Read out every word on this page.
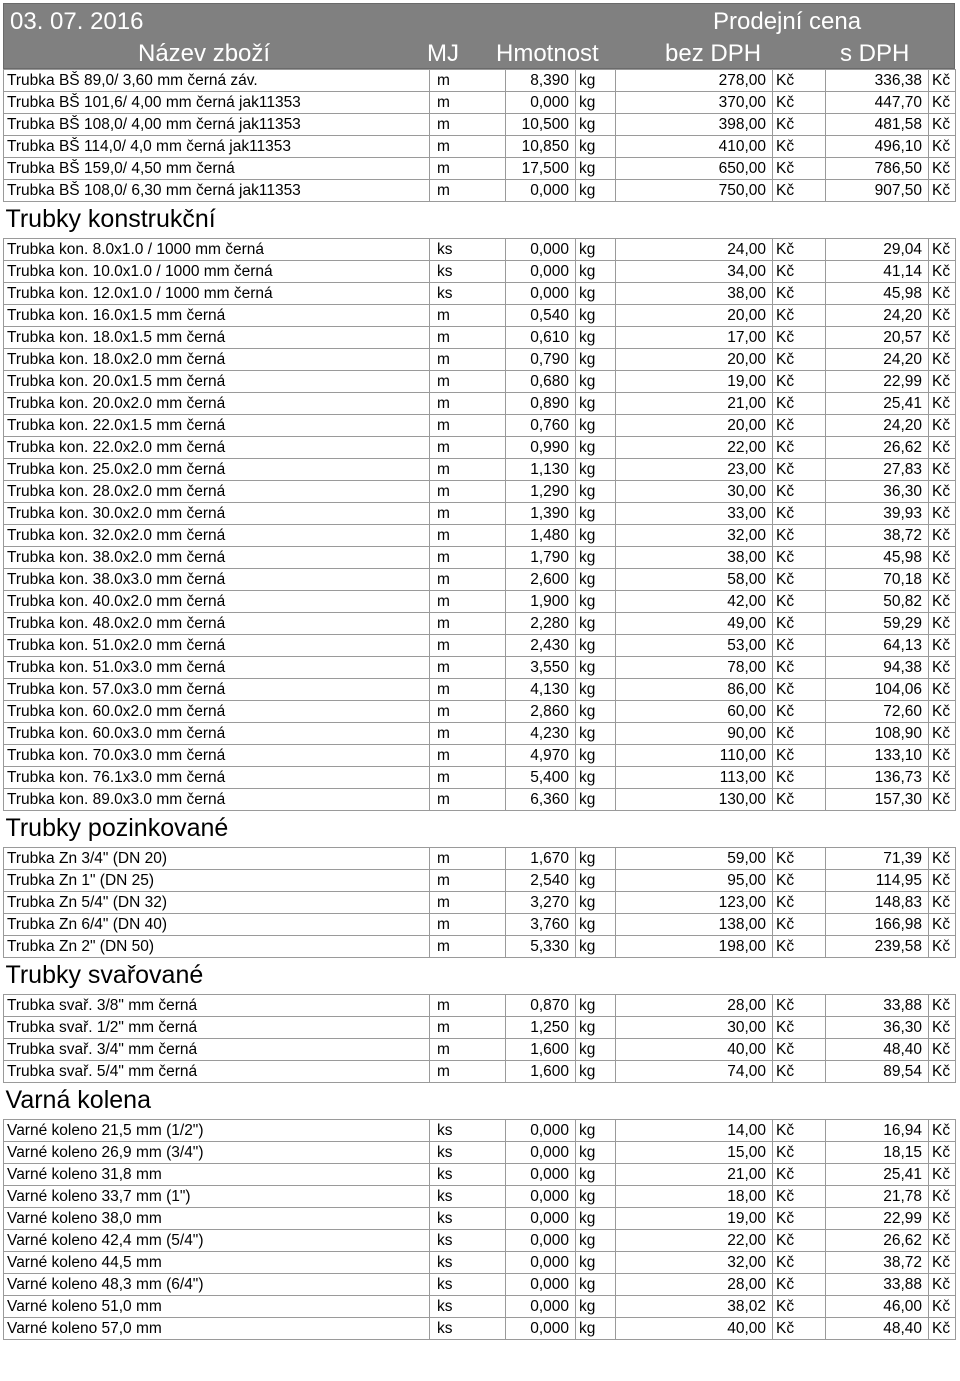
03. 07. 2016	Prodejní cena
Název zboží	MJ Hmotnost	bez DPH	s DPH
Trubka BŠ 89,0/ 3,60 mm černá záv.	m	8,390	kg	278,00	Kč	336,38	Kč
Trubka BŠ 101,6/ 4,00 mm černá jak11353	m	0,000	kg	370,00	Kč	447,70	Kč
Trubka BŠ 108,0/ 4,00 mm černá jak11353	m	10,500	kg	398,00	Kč	481,58	Kč
Trubka BŠ 114,0/ 4,0 mm černá jak11353	m	10,850	kg	410,00	Kč	496,10	Kč
Trubka BŠ 159,0/ 4,50 mm černá	m	17,500	kg	650,00	Kč	786,50	Kč
Trubka BŠ 108,0/ 6,30 mm černá jak11353	m	0,000	kg	750,00	Kč	907,50	Kč
Trubky konstrukční							
Trubka kon. 8.0x1.0 / 1000 mm černá	ks	0,000	kg	24,00	Kč	29,04	Kč
Trubka kon. 10.0x1.0 / 1000 mm černá	ks	0,000	kg	34,00	Kč	41,14	Kč
Trubka kon. 12.0x1.0 / 1000 mm černá	ks	0,000	kg	38,00	Kč	45,98	Kč
Trubka kon. 16.0x1.5 mm černá	m	0,540	kg	20,00	Kč	24,20	Kč
Trubka kon. 18.0x1.5 mm černá	m	0,610	kg	17,00	Kč	20,57	Kč
Trubka kon. 18.0x2.0 mm černá	m	0,790	kg	20,00	Kč	24,20	Kč
Trubka kon. 20.0x1.5 mm černá	m	0,680	kg	19,00	Kč	22,99	Kč
Trubka kon. 20.0x2.0 mm černá	m	0,890	kg	21,00	Kč	25,41	Kč
Trubka kon. 22.0x1.5 mm černá	m	0,760	kg	20,00	Kč	24,20	Kč
Trubka kon. 22.0x2.0 mm černá	m	0,990	kg	22,00	Kč	26,62	Kč
Trubka kon. 25.0x2.0 mm černá	m	1,130	kg	23,00	Kč	27,83	Kč
Trubka kon. 28.0x2.0 mm černá	m	1,290	kg	30,00	Kč	36,30	Kč
Trubka kon. 30.0x2.0 mm černá	m	1,390	kg	33,00	Kč	39,93	Kč
Trubka kon. 32.0x2.0 mm černá	m	1,480	kg	32,00	Kč	38,72	Kč
Trubka kon. 38.0x2.0 mm černá	m	1,790	kg	38,00	Kč	45,98	Kč
Trubka kon. 38.0x3.0 mm černá	m	2,600	kg	58,00	Kč	70,18	Kč
Trubka kon. 40.0x2.0 mm černá	m	1,900	kg	42,00	Kč	50,82	Kč
Trubka kon. 48.0x2.0 mm černá	m	2,280	kg	49,00	Kč	59,29	Kč
Trubka kon. 51.0x2.0 mm černá	m	2,430	kg	53,00	Kč	64,13	Kč
Trubka kon. 51.0x3.0 mm černá	m	3,550	kg	78,00	Kč	94,38	Kč
Trubka kon. 57.0x3.0 mm černá	m	4,130	kg	86,00	Kč	104,06	Kč
Trubka kon. 60.0x2.0 mm černá	m	2,860	kg	60,00	Kč	72,60	Kč
Trubka kon. 60.0x3.0 mm černá	m	4,230	kg	90,00	Kč	108,90	Kč
Trubka kon. 70.0x3.0 mm černá	m	4,970	kg	110,00	Kč	133,10	Kč
Trubka kon. 76.1x3.0 mm černá	m	5,400	kg	113,00	Kč	136,73	Kč
Trubka kon. 89.0x3.0 mm černá	m	6,360	kg	130,00	Kč	157,30	Kč
Trubky pozinkované							
Trubka Zn 3/4" (DN 20)	m	1,670	kg	59,00	Kč	71,39	Kč
Trubka Zn 1" (DN 25)	m	2,540	kg	95,00	Kč	114,95	Kč
Trubka Zn 5/4" (DN 32)	m	3,270	kg	123,00	Kč	148,83	Kč
Trubka Zn 6/4" (DN 40)	m	3,760	kg	138,00	Kč	166,98	Kč
Trubka Zn 2" (DN 50)	m	5,330	kg	198,00	Kč	239,58	Kč
Trubky svařované							
Trubka svař. 3/8" mm černá	m	0,870	kg	28,00	Kč	33,88	Kč
Trubka svař. 1/2" mm černá	m	1,250	kg	30,00	Kč	36,30	Kč
Trubka svař. 3/4" mm černá	m	1,600	kg	40,00	Kč	48,40	Kč
Trubka svař. 5/4" mm černá	m	1,600	kg	74,00	Kč	89,54	Kč
Varná kolena							
Varné koleno 21,5 mm (1/2")	ks	0,000	kg	14,00	Kč	16,94	Kč
Varné koleno 26,9 mm (3/4")	ks	0,000	kg	15,00	Kč	18,15	Kč
Varné koleno 31,8 mm	ks	0,000	kg	21,00	Kč	25,41	Kč
Varné koleno 33,7 mm (1")	ks	0,000	kg	18,00	Kč	21,78	Kč
Varné koleno 38,0 mm	ks	0,000	kg	19,00	Kč	22,99	Kč
Varné koleno 42,4 mm (5/4")	ks	0,000	kg	22,00	Kč	26,62	Kč
Varné koleno 44,5 mm	ks	0,000	kg	32,00	Kč	38,72	Kč
Varné koleno 48,3 mm (6/4")	ks	0,000	kg	28,00	Kč	33,88	Kč
Varné koleno 51,0 mm	ks	0,000	kg	38,02	Kč	46,00	Kč
Varné koleno 57,0 mm	ks	0,000	kg	40,00	Kč	48,40	Kč
